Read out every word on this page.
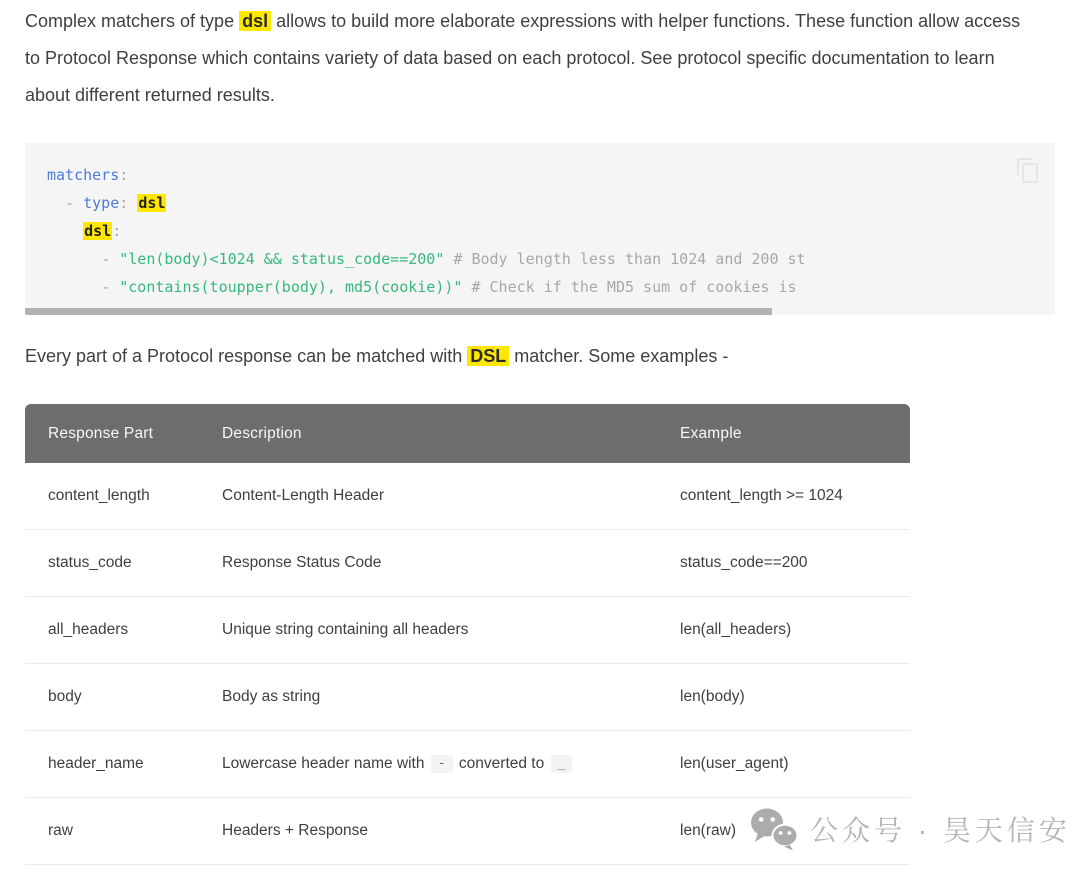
Complex matchers of type dsl allows to build more elaborate expressions with helper functions. These function allow access to Protocol Response which contains variety of data based on each protocol. See protocol specific documentation to learn about different returned results.

matchers:
- type: dsl
dsl:
- "len(body)<1024 && status_code==200" # Body length less than 1024 and 200 st
- "contains(toupper(body), md5(cookie))" # Check if the MD5 sum of cookies is

Every part of a Protocol response can be matched with DSL matcher. Some examples -

Response Part	Description	Example
content_length	Content-Length Header	content_length >= 1024
status_code	Response Status Code	status_code==200
all_headers	Unique string containing all headers	len(all_headers)
body	Body as string	len(body)
header_name	Lowercase header name with - converted to _	len(user_agent)
raw	Headers + Response	len(raw)	公众号 · 昊天信安
